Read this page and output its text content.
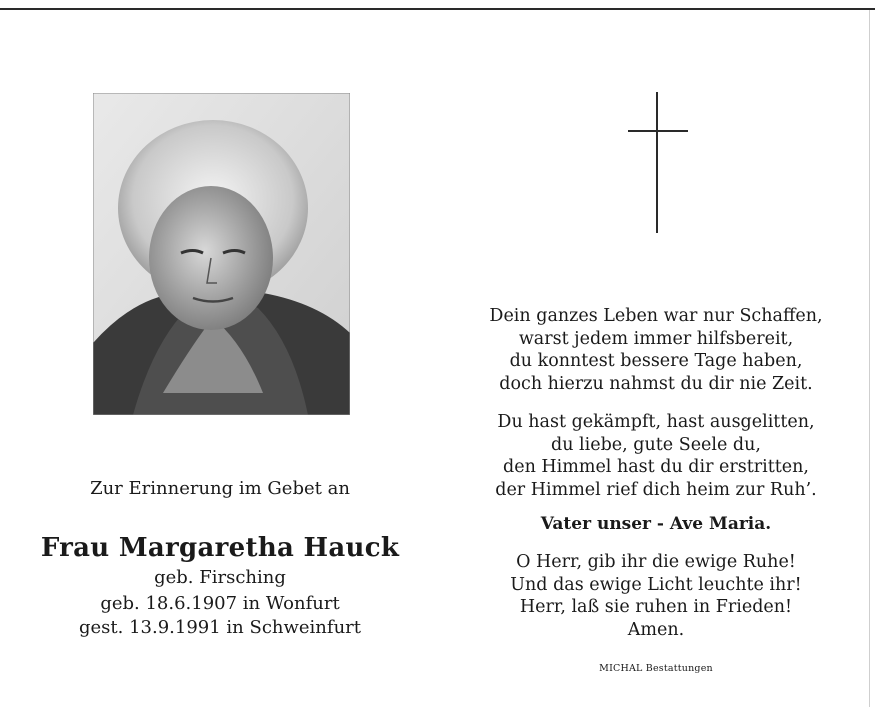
Zur Erinnerung im Gebet an
Frau Margaretha Hauck
geb. Firsching
geb. 18.6.1907 in Wonfurt
gest. 13.9.1991 in Schweinfurt
Dein ganzes Leben war nur Schaffen,
warst jedem immer hilfsbereit,
du konntest bessere Tage haben,
doch hierzu nahmst du dir nie Zeit.
Du hast gekämpft, hast ausgelitten,
du liebe, gute Seele du,
den Himmel hast du dir erstritten,
der Himmel rief dich heim zur Ruh’.
Vater unser - Ave Maria.
O Herr, gib ihr die ewige Ruhe!
Und das ewige Licht leuchte ihr!
Herr, laß sie ruhen in Frieden!
Amen.
MICHAL Bestattungen
